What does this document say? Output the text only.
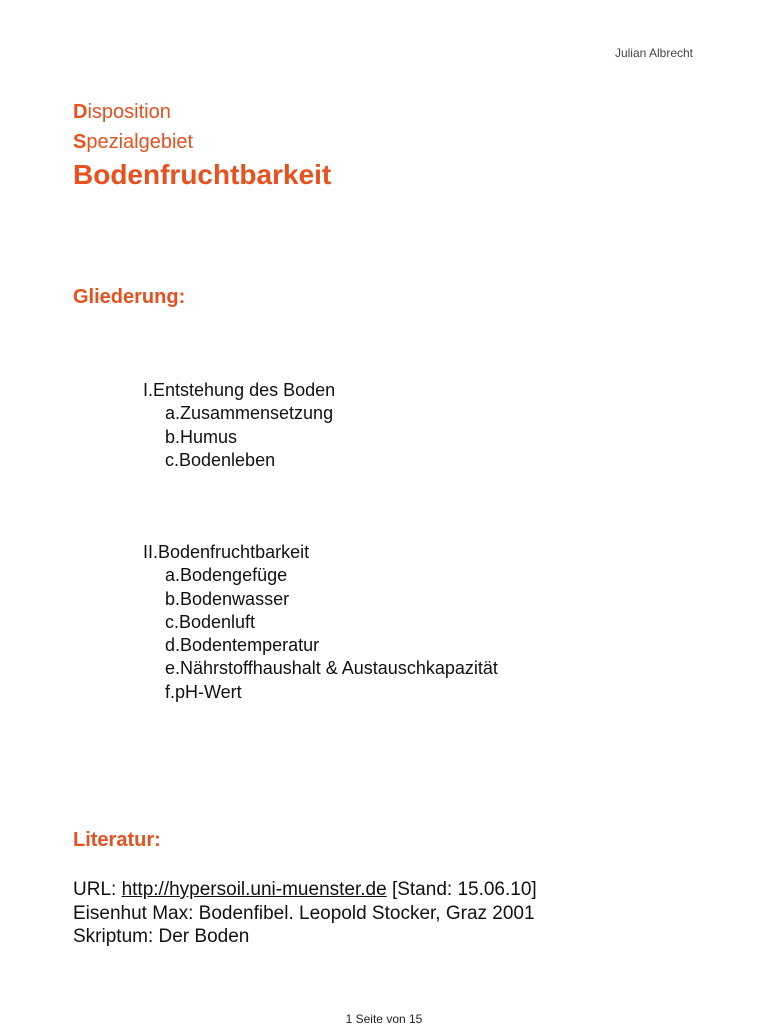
Julian Albrecht
Disposition
Spezialgebiet
Bodenfruchtbarkeit
Gliederung:
I.Entstehung des Boden
a.Zusammensetzung
b.Humus
c.Bodenleben
II.Bodenfruchtbarkeit
a.Bodengefüge
b.Bodenwasser
c.Bodenluft
d.Bodentemperatur
e.Nährstoffhaushalt & Austauschkapazität
f.pH-Wert
Literatur:
URL: http://hypersoil.uni-muenster.de [Stand: 15.06.10]
Eisenhut Max: Bodenfibel. Leopold Stocker, Graz 2001
Skriptum: Der Boden
1 Seite von 15
